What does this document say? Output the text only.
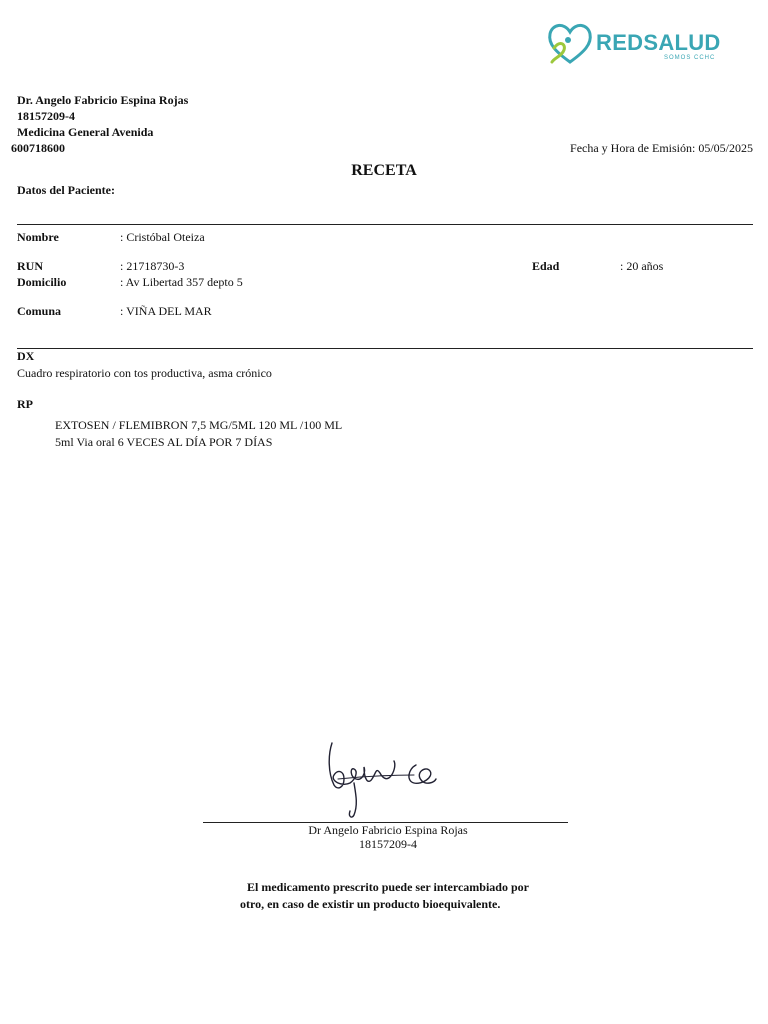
REDSALUD
SOMOS CCHC
Dr. Angelo Fabricio Espina Rojas
18157209-4
Medicina General Avenida
600718600	Fecha y Hora de Emisión: 05/05/2025
RECETA
Datos del Paciente:
Nombre	: Cristóbal Oteiza
RUN	: 21718730-3	Edad	: 20 años
Domicilio	: Av Libertad 357 depto 5
Comuna	: VIÑA DEL MAR
DX
Cuadro respiratorio con tos productiva, asma crónico
RP
EXTOSEN / FLEMIBRON 7,5 MG/5ML 120 ML /100 ML
5ml Via oral 6 VECES AL DÍA POR 7 DÍAS
Dr Angelo Fabricio Espina Rojas
18157209-4
El medicamento prescrito puede ser intercambiado por
otro, en caso de existir un producto bioequivalente.
